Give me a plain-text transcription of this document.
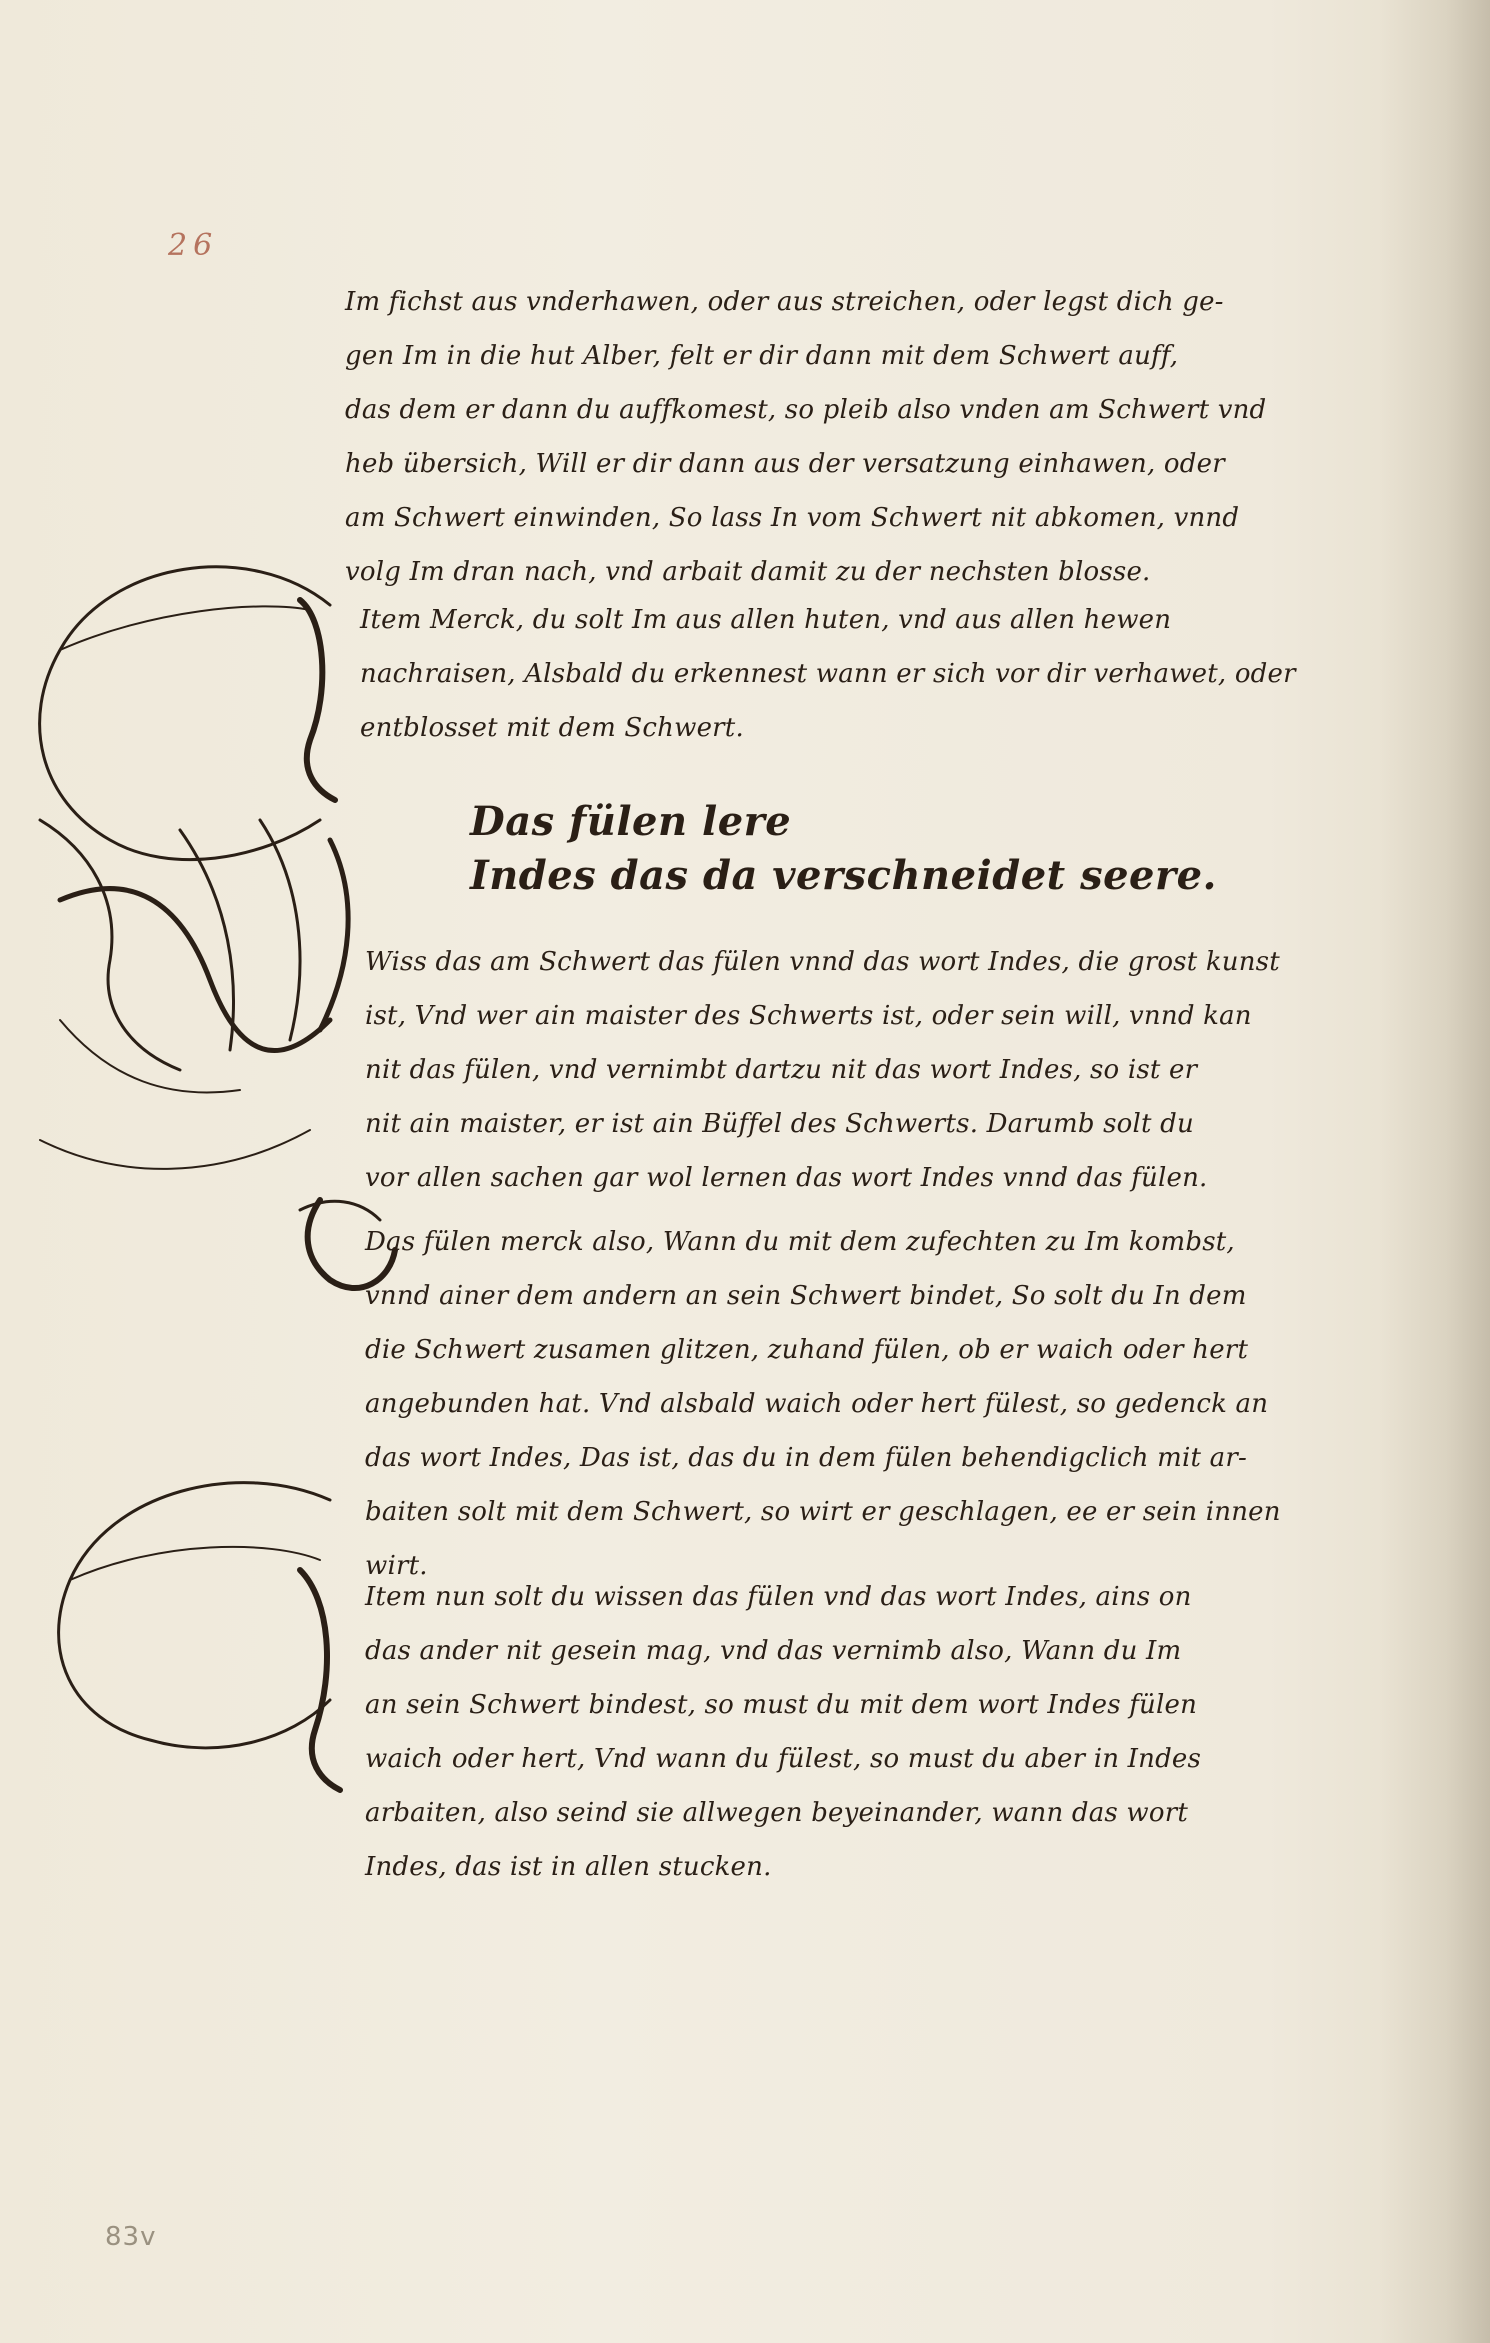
26
83v
Im fichst aus vnderhawen, oder aus streichen, oder legst dich ge-
gen Im in die hut Alber, felt er dir dann mit dem Schwert auff,
das dem er dann du auffkomest, so pleib also vnden am Schwert vnd
heb übersich, Will er dir dann aus der versatzung einhawen, oder
am Schwert einwinden, So lass In vom Schwert nit abkomen, vnnd
volg Im dran nach, vnd arbait damit zu der nechsten blosse.
Item Merck, du solt Im aus allen huten, vnd aus allen hewen
nachraisen, Alsbald du erkennest wann er sich vor dir verhawet, oder
entblosset mit dem Schwert.
Das fülen lere
Indes das da verschneidet seere.
Wiss das am Schwert das fülen vnnd das wort Indes, die grost kunst
ist, Vnd wer ain maister des Schwerts ist, oder sein will, vnnd kan
nit das fülen, vnd vernimbt dartzu nit das wort Indes, so ist er
nit ain maister, er ist ain Büffel des Schwerts. Darumb solt du
vor allen sachen gar wol lernen das wort Indes vnnd das fülen.
Das fülen merck also, Wann du mit dem zufechten zu Im kombst,
vnnd ainer dem andern an sein Schwert bindet, So solt du In dem
die Schwert zusamen glitzen, zuhand fülen, ob er waich oder hert
angebunden hat. Vnd alsbald waich oder hert fülest, so gedenck an
das wort Indes, Das ist, das du in dem fülen behendigclich mit ar-
baiten solt mit dem Schwert, so wirt er geschlagen, ee er sein innen
wirt.
Item nun solt du wissen das fülen vnd das wort Indes, ains on
das ander nit gesein mag, vnd das vernimb also, Wann du Im
an sein Schwert bindest, so must du mit dem wort Indes fülen
waich oder hert, Vnd wann du fülest, so must du aber in Indes
arbaiten, also seind sie allwegen beyeinander, wann das wort
Indes, das ist in allen stucken.
